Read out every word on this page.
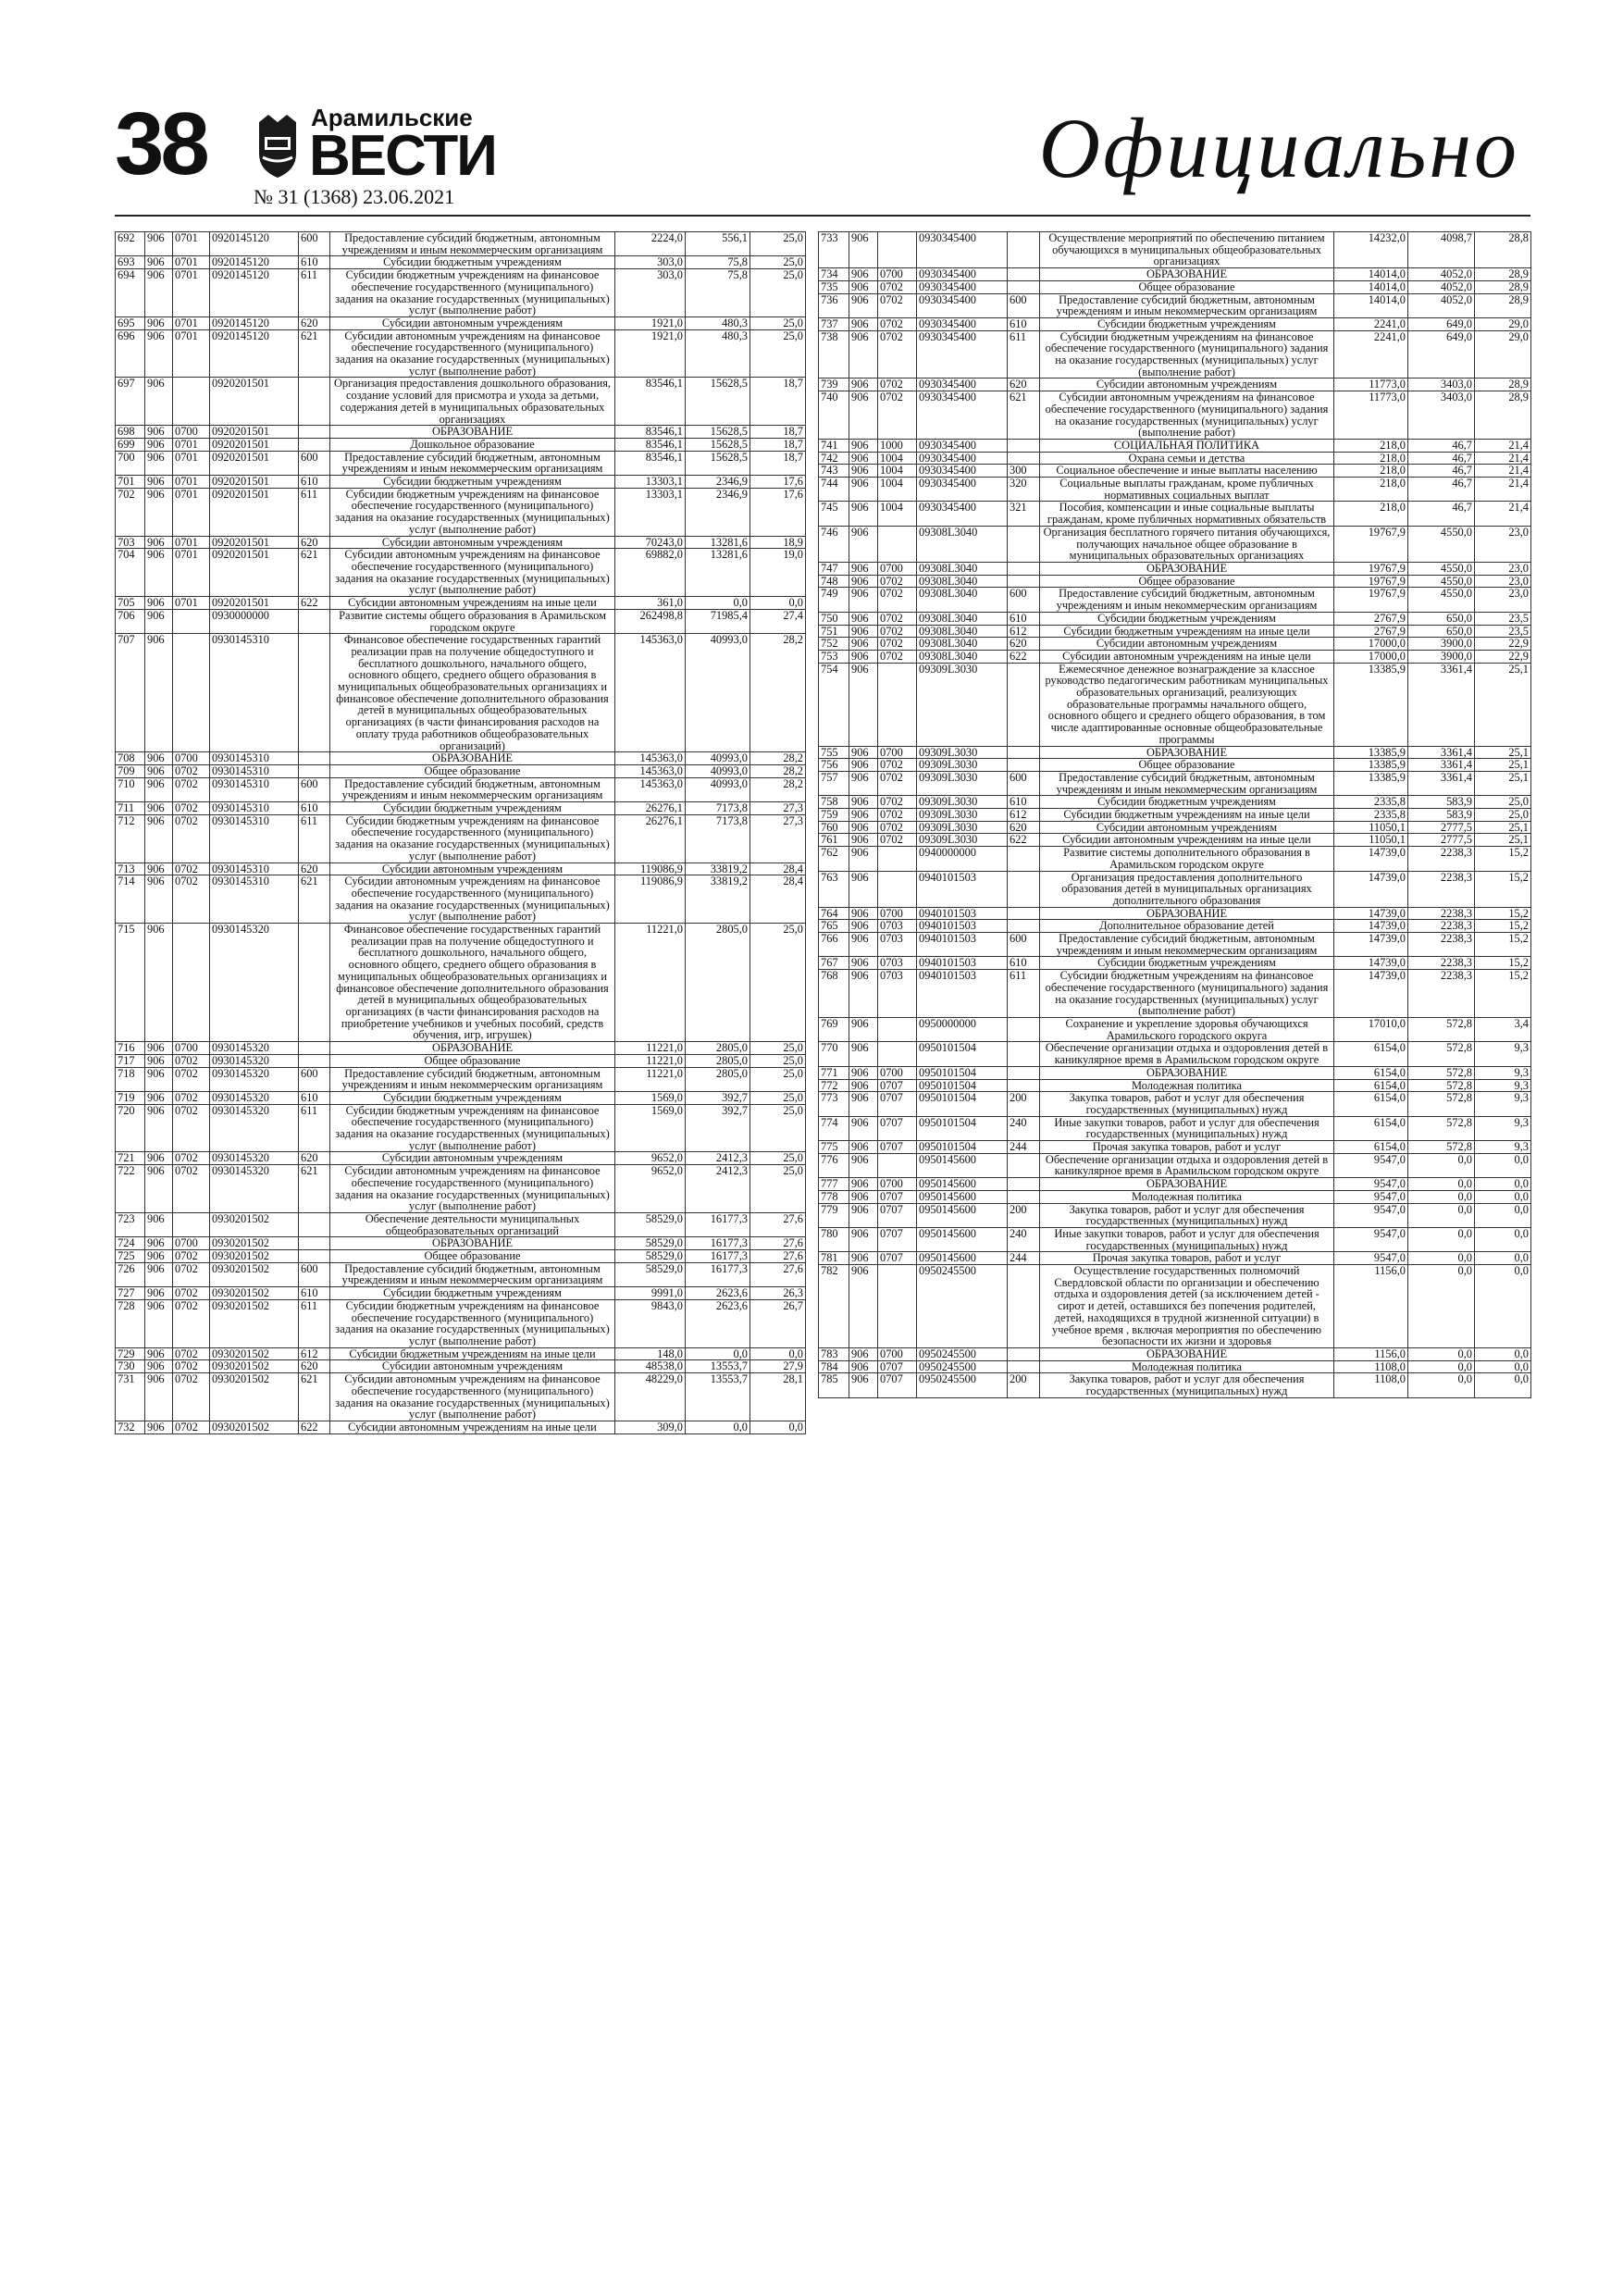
38	Арамильские
ВЕСТИ
№ 31 (1368) 23.06.2021
Официально
692	906	0701	0920145120	600	Предоставление субсидий бюджетным, автономным учреждениям и иным некоммерческим организациям	2224,0	556,1	25,0
693	906	0701	0920145120	610	Субсидии бюджетным учреждениям	303,0	75,8	25,0
694	906	0701	0920145120	611	Субсидии бюджетным учреждениям на финансовое обеспечение государственного (муниципального) задания на оказание государственных (муниципальных) услуг (выполнение работ)	303,0	75,8	25,0
695	906	0701	0920145120	620	Субсидии автономным учреждениям	1921,0	480,3	25,0
696	906	0701	0920145120	621	Субсидии автономным учреждениям на финансовое обеспечение государственного (муниципального) задания на оказание государственных (муниципальных) услуг (выполнение работ)	1921,0	480,3	25,0
697	906		0920201501		Организация предоставления дошкольного образования, создание условий для присмотра и ухода за детьми, содержания детей в муниципальных образовательных организациях	83546,1	15628,5	18,7
698	906	0700	0920201501		ОБРАЗОВАНИЕ	83546,1	15628,5	18,7
699	906	0701	0920201501		Дошкольное образование	83546,1	15628,5	18,7
700	906	0701	0920201501	600	Предоставление субсидий бюджетным, автономным учреждениям и иным некоммерческим организациям	83546,1	15628,5	18,7
701	906	0701	0920201501	610	Субсидии бюджетным учреждениям	13303,1	2346,9	17,6
702	906	0701	0920201501	611	Субсидии бюджетным учреждениям на финансовое обеспечение государственного (муниципального) задания на оказание государственных (муниципальных) услуг (выполнение работ)	13303,1	2346,9	17,6
703	906	0701	0920201501	620	Субсидии автономным учреждениям	70243,0	13281,6	18,9
704	906	0701	0920201501	621	Субсидии автономным учреждениям на финансовое обеспечение государственного (муниципального) задания на оказание государственных (муниципальных) услуг (выполнение работ)	69882,0	13281,6	19,0
705	906	0701	0920201501	622	Субсидии автономным учреждениям на иные цели	361,0	0,0	0,0
706	906		0930000000		Развитие системы общего образования в Арамильском городском округе	262498,8	71985,4	27,4
707	906		0930145310		Финансовое обеспечение государственных гарантий реализации прав на получение общедоступного и бесплатного дошкольного, начального общего, основного общего, среднего общего образования в муниципальных общеобразовательных организациях и финансовое обеспечение дополнительного образования детей в муниципальных общеобразовательных организациях (в части финансирования расходов на оплату труда работников общеобразовательных организаций)	145363,0	40993,0	28,2
708	906	0700	0930145310		ОБРАЗОВАНИЕ	145363,0	40993,0	28,2
709	906	0702	0930145310		Общее образование	145363,0	40993,0	28,2
710	906	0702	0930145310	600	Предоставление субсидий бюджетным, автономным учреждениям и иным некоммерческим организациям	145363,0	40993,0	28,2
711	906	0702	0930145310	610	Субсидии бюджетным учреждениям	26276,1	7173,8	27,3
712	906	0702	0930145310	611	Субсидии бюджетным учреждениям на финансовое обеспечение государственного (муниципального) задания на оказание государственных (муниципальных) услуг (выполнение работ)	26276,1	7173,8	27,3
713	906	0702	0930145310	620	Субсидии автономным учреждениям	119086,9	33819,2	28,4
714	906	0702	0930145310	621	Субсидии автономным учреждениям на финансовое обеспечение государственного (муниципального) задания на оказание государственных (муниципальных) услуг (выполнение работ)	119086,9	33819,2	28,4
715	906		0930145320		Финансовое обеспечение государственных гарантий реализации прав на получение общедоступного и бесплатного дошкольного, начального общего, основного общего, среднего общего образования в муниципальных общеобразовательных организациях и финансовое обеспечение дополнительного образования детей в муниципальных общеобразовательных организациях (в части финансирования расходов на приобретение учебников и учебных пособий, средств обучения, игр, игрушек)	11221,0	2805,0	25,0
716	906	0700	0930145320		ОБРАЗОВАНИЕ	11221,0	2805,0	25,0
717	906	0702	0930145320		Общее образование	11221,0	2805,0	25,0
718	906	0702	0930145320	600	Предоставление субсидий бюджетным, автономным учреждениям и иным некоммерческим организациям	11221,0	2805,0	25,0
719	906	0702	0930145320	610	Субсидии бюджетным учреждениям	1569,0	392,7	25,0
720	906	0702	0930145320	611	Субсидии бюджетным учреждениям на финансовое обеспечение государственного (муниципального) задания на оказание государственных (муниципальных) услуг (выполнение работ)	1569,0	392,7	25,0
721	906	0702	0930145320	620	Субсидии автономным учреждениям	9652,0	2412,3	25,0
722	906	0702	0930145320	621	Субсидии автономным учреждениям на финансовое обеспечение государственного (муниципального) задания на оказание государственных (муниципальных) услуг (выполнение работ)	9652,0	2412,3	25,0
723	906		0930201502		Обеспечение деятельности муниципальных общеобразовательных организаций	58529,0	16177,3	27,6
724	906	0700	0930201502		ОБРАЗОВАНИЕ	58529,0	16177,3	27,6
725	906	0702	0930201502		Общее образование	58529,0	16177,3	27,6
726	906	0702	0930201502	600	Предоставление субсидий бюджетным, автономным учреждениям и иным некоммерческим организациям	58529,0	16177,3	27,6
727	906	0702	0930201502	610	Субсидии бюджетным учреждениям	9991,0	2623,6	26,3
728	906	0702	0930201502	611	Субсидии бюджетным учреждениям на финансовое обеспечение государственного (муниципального) задания на оказание государственных (муниципальных) услуг (выполнение работ)	9843,0	2623,6	26,7
729	906	0702	0930201502	612	Субсидии бюджетным учреждениям на иные цели	148,0	0,0	0,0
730	906	0702	0930201502	620	Субсидии автономным учреждениям	48538,0	13553,7	27,9
731	906	0702	0930201502	621	Субсидии автономным учреждениям на финансовое обеспечение государственного (муниципального) задания на оказание государственных (муниципальных) услуг (выполнение работ)	48229,0	13553,7	28,1
732	906	0702	0930201502	622	Субсидии автономным учреждениям на иные цели	309,0	0,0	0,0
733	906		0930345400		Осуществление мероприятий по обеспечению питанием обучающихся в муниципальных общеобразовательных организациях	14232,0	4098,7	28,8
734	906	0700	0930345400		ОБРАЗОВАНИЕ	14014,0	4052,0	28,9
735	906	0702	0930345400		Общее образование	14014,0	4052,0	28,9
736	906	0702	0930345400	600	Предоставление субсидий бюджетным, автономным учреждениям и иным некоммерческим организациям	14014,0	4052,0	28,9
737	906	0702	0930345400	610	Субсидии бюджетным учреждениям	2241,0	649,0	29,0
738	906	0702	0930345400	611	Субсидии бюджетным учреждениям на финансовое обеспечение государственного (муниципального) задания на оказание государственных (муниципальных) услуг (выполнение работ)	2241,0	649,0	29,0
739	906	0702	0930345400	620	Субсидии автономным учреждениям	11773,0	3403,0	28,9
740	906	0702	0930345400	621	Субсидии автономным учреждениям на финансовое обеспечение государственного (муниципального) задания на оказание государственных (муниципальных) услуг (выполнение работ)	11773,0	3403,0	28,9
741	906	1000	0930345400		СОЦИАЛЬНАЯ ПОЛИТИКА	218,0	46,7	21,4
742	906	1004	0930345400		Охрана семьи и детства	218,0	46,7	21,4
743	906	1004	0930345400	300	Социальное обеспечение и иные выплаты населению	218,0	46,7	21,4
744	906	1004	0930345400	320	Социальные выплаты гражданам, кроме публичных нормативных социальных выплат	218,0	46,7	21,4
745	906	1004	0930345400	321	Пособия, компенсации и иные социальные выплаты гражданам, кроме публичных нормативных обязательств	218,0	46,7	21,4
746	906		09308L3040		Организация бесплатного горячего питания обучающихся, получающих начальное общее образование в муниципальных образовательных организациях	19767,9	4550,0	23,0
747	906	0700	09308L3040		ОБРАЗОВАНИЕ	19767,9	4550,0	23,0
748	906	0702	09308L3040		Общее образование	19767,9	4550,0	23,0
749	906	0702	09308L3040	600	Предоставление субсидий бюджетным, автономным учреждениям и иным некоммерческим организациям	19767,9	4550,0	23,0
750	906	0702	09308L3040	610	Субсидии бюджетным учреждениям	2767,9	650,0	23,5
751	906	0702	09308L3040	612	Субсидии бюджетным учреждениям на иные цели	2767,9	650,0	23,5
752	906	0702	09308L3040	620	Субсидии автономным учреждениям	17000,0	3900,0	22,9
753	906	0702	09308L3040	622	Субсидии автономным учреждениям на иные цели	17000,0	3900,0	22,9
754	906		09309L3030		Ежемесячное денежное вознаграждение за классное руководство педагогическим работникам муниципальных образовательных организаций, реализующих образовательные программы начального общего, основного общего и среднего общего образования, в том числе адаптированные основные общеобразовательные программы	13385,9	3361,4	25,1
755	906	0700	09309L3030		ОБРАЗОВАНИЕ	13385,9	3361,4	25,1
756	906	0702	09309L3030		Общее образование	13385,9	3361,4	25,1
757	906	0702	09309L3030	600	Предоставление субсидий бюджетным, автономным учреждениям и иным некоммерческим организациям	13385,9	3361,4	25,1
758	906	0702	09309L3030	610	Субсидии бюджетным учреждениям	2335,8	583,9	25,0
759	906	0702	09309L3030	612	Субсидии бюджетным учреждениям на иные цели	2335,8	583,9	25,0
760	906	0702	09309L3030	620	Субсидии автономным учреждениям	11050,1	2777,5	25,1
761	906	0702	09309L3030	622	Субсидии автономным учреждениям на иные цели	11050,1	2777,5	25,1
762	906		0940000000		Развитие системы дополнительного образования в Арамильском городском округе	14739,0	2238,3	15,2
763	906		0940101503		Организация предоставления дополнительного образования детей в муниципальных организациях дополнительного образования	14739,0	2238,3	15,2
764	906	0700	0940101503		ОБРАЗОВАНИЕ	14739,0	2238,3	15,2
765	906	0703	0940101503		Дополнительное образование детей	14739,0	2238,3	15,2
766	906	0703	0940101503	600	Предоставление субсидий бюджетным, автономным учреждениям и иным некоммерческим организациям	14739,0	2238,3	15,2
767	906	0703	0940101503	610	Субсидии бюджетным учреждениям	14739,0	2238,3	15,2
768	906	0703	0940101503	611	Субсидии бюджетным учреждениям на финансовое обеспечение государственного (муниципального) задания на оказание государственных (муниципальных) услуг (выполнение работ)	14739,0	2238,3	15,2
769	906		0950000000		Сохранение и укрепление здоровья обучающихся Арамильского городского округа	17010,0	572,8	3,4
770	906		0950101504		Обеспечение организации отдыха и оздоровления детей в каникулярное время в Арамильском городском округе	6154,0	572,8	9,3
771	906	0700	0950101504		ОБРАЗОВАНИЕ	6154,0	572,8	9,3
772	906	0707	0950101504		Молодежная политика	6154,0	572,8	9,3
773	906	0707	0950101504	200	Закупка товаров, работ и услуг для обеспечения государственных (муниципальных) нужд	6154,0	572,8	9,3
774	906	0707	0950101504	240	Иные закупки товаров, работ и услуг для обеспечения государственных (муниципальных) нужд	6154,0	572,8	9,3
775	906	0707	0950101504	244	Прочая закупка товаров, работ и услуг	6154,0	572,8	9,3
776	906		0950145600		Обеспечение организации отдыха и оздоровления детей в каникулярное время в Арамильском городском округе	9547,0	0,0	0,0
777	906	0700	0950145600		ОБРАЗОВАНИЕ	9547,0	0,0	0,0
778	906	0707	0950145600		Молодежная политика	9547,0	0,0	0,0
779	906	0707	0950145600	200	Закупка товаров, работ и услуг для обеспечения государственных (муниципальных) нужд	9547,0	0,0	0,0
780	906	0707	0950145600	240	Иные закупки товаров, работ и услуг для обеспечения государственных (муниципальных) нужд	9547,0	0,0	0,0
781	906	0707	0950145600	244	Прочая закупка товаров, работ и услуг	9547,0	0,0	0,0
782	906		0950245500		Осуществление государственных полномочий Свердловской области по организации и обеспечению отдыха и оздоровления детей (за исключением детей - сирот и детей, оставшихся без попечения родителей, детей, находящихся в трудной жизненной ситуации) в учебное время , включая мероприятия по обеспечению безопасности их жизни и здоровья	1156,0	0,0	0,0
783	906	0700	0950245500		ОБРАЗОВАНИЕ	1156,0	0,0	0,0
784	906	0707	0950245500		Молодежная политика	1108,0	0,0	0,0
785	906	0707	0950245500	200	Закупка товаров, работ и услуг для обеспечения государственных (муниципальных) нужд	1108,0	0,0	0,0
